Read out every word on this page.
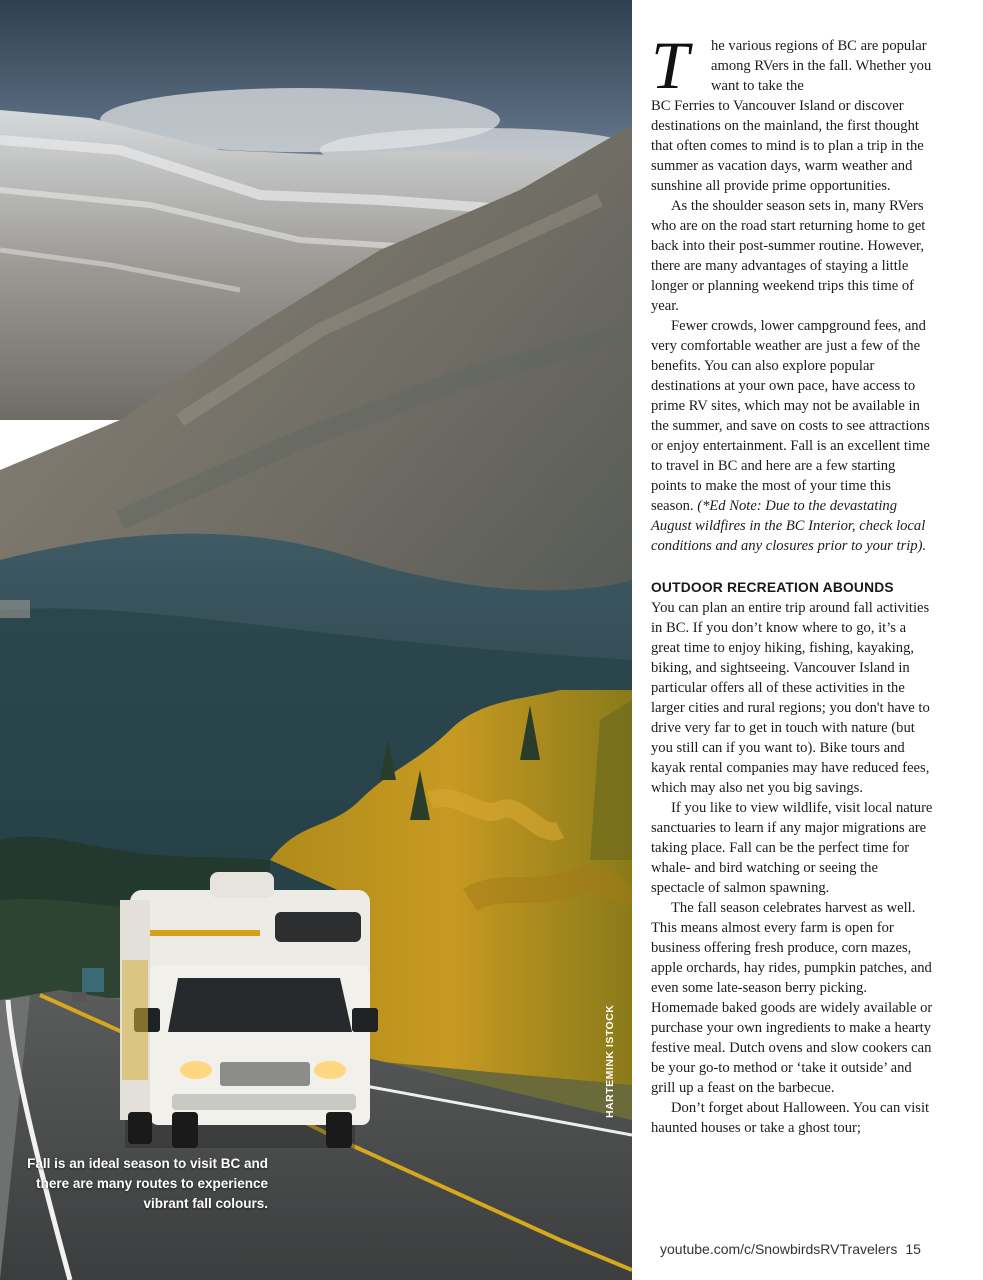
HARTEMINK ISTOCK
Fall is an ideal season to visit BC and there are many routes to experience vibrant fall colours.
T he various regions of BC are popular among RVers in the fall. Whether you want to take the

BC Ferries to Vancouver Island or discover destinations on the mainland, the first thought that often comes to mind is to plan a trip in the summer as vacation days, warm weather and sunshine all provide prime opportunities.

As the shoulder season sets in, many RVers who are on the road start returning home to get back into their post-summer routine. However, there are many advantages of staying a little longer or planning weekend trips this time of year.

Fewer crowds, lower campground fees, and very comfortable weather are just a few of the benefits. You can also explore popular destinations at your own pace, have access to prime RV sites, which may not be available in the summer, and save on costs to see attractions or enjoy entertainment. Fall is an excellent time to travel in BC and here are a few starting points to make the most of your time this season. (*Ed Note: Due to the devastating August wildfires in the BC Interior, check local conditions and any closures prior to your trip).

OUTDOOR RECREATION ABOUNDS

You can plan an entire trip around fall activities in BC. If you don’t know where to go, it’s a great time to enjoy hiking, fishing, kayaking, biking, and sightseeing. Vancouver Island in particular offers all of these activities in the larger cities and rural regions; you don't have to drive very far to get in touch with nature (but you still can if you want to). Bike tours and kayak rental companies may have reduced fees, which may also net you big savings.

If you like to view wildlife, visit local nature sanctuaries to learn if any major migrations are taking place. Fall can be the perfect time for whale- and bird watching or seeing the spectacle of salmon spawning.

The fall season celebrates harvest as well. This means almost every farm is open for business offering fresh produce, corn mazes, apple orchards, hay rides, pumpkin patches, and even some late-season berry picking. Homemade baked goods are widely available or purchase your own ingredients to make a hearty festive meal. Dutch ovens and slow cookers can be your go-to method or ‘take it outside’ and grill up a feast on the barbecue.

Don’t forget about Halloween. You can visit haunted houses or take a ghost tour;

youtube.com/c/SnowbirdsRVTravelers 15
